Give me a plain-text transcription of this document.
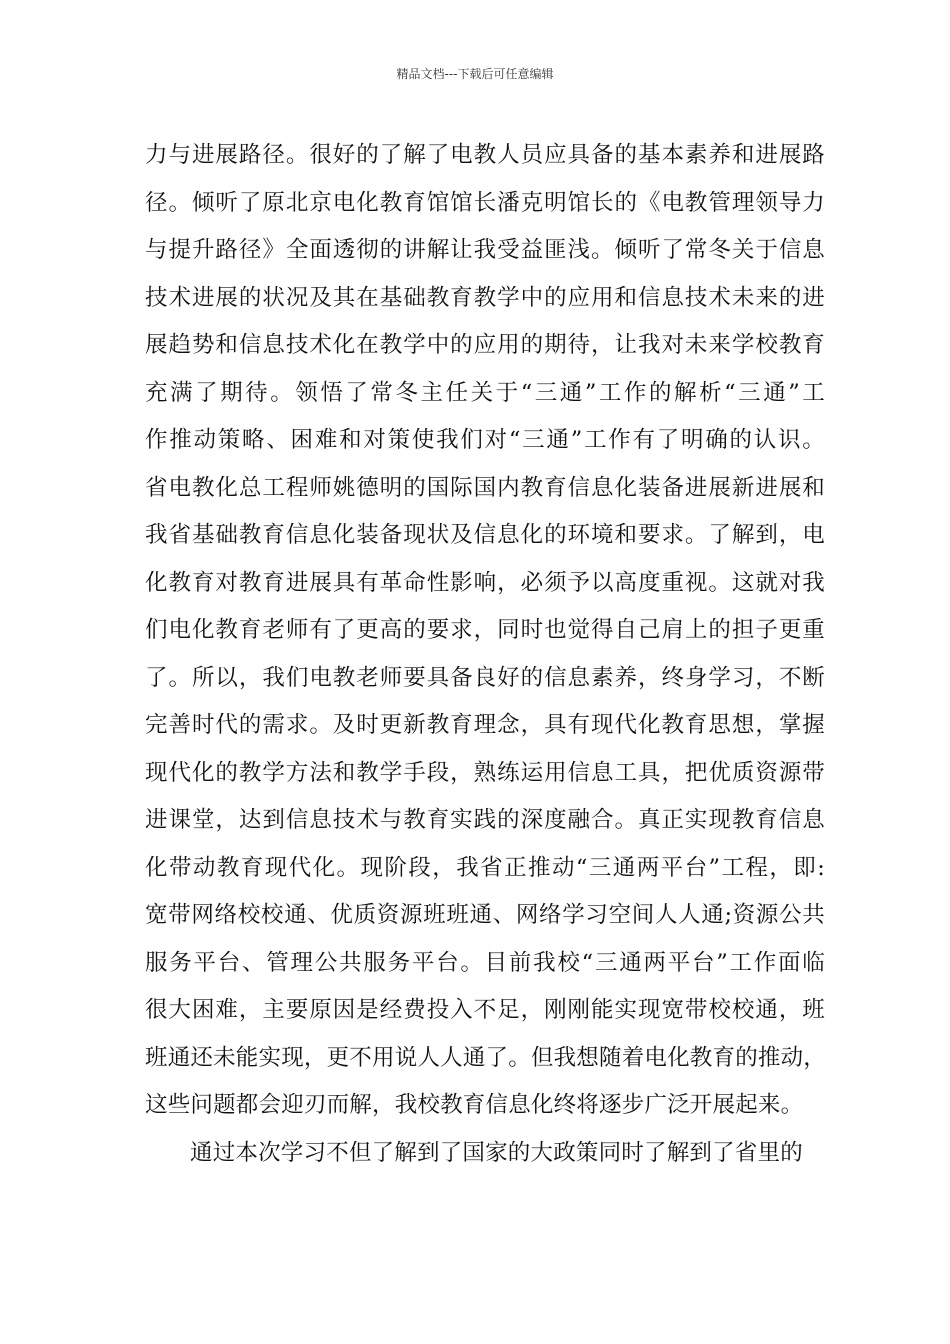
精品文档---下载后可任意编辑
力与进展路径。很好的了解了电教人员应具备的基本素养和进展路
径。倾听了原北京电化教育馆馆长潘克明馆长的《电教管理领导力
与提升路径》全面透彻的讲解让我受益匪浅。倾听了常冬关于信息
技术进展的状况及其在基础教育教学中的应用和信息技术未来的进
展趋势和信息技术化在教学中的应用的期待，让我对未来学校教育
充满了期待。领悟了常冬主任关于“三通”工作的解析“三通”工
作推动策略、困难和对策使我们对“三通”工作有了明确的认识。
省电教化总工程师姚德明的国际国内教育信息化装备进展新进展和
我省基础教育信息化装备现状及信息化的环境和要求。了解到，电
化教育对教育进展具有革命性影响，必须予以高度重视。这就对我
们电化教育老师有了更高的要求，同时也觉得自己肩上的担子更重
了。所以，我们电教老师要具备良好的信息素养，终身学习，不断
完善时代的需求。及时更新教育理念，具有现代化教育思想，掌握
现代化的教学方法和教学手段，熟练运用信息工具，把优质资源带
进课堂，达到信息技术与教育实践的深度融合。真正实现教育信息
化带动教育现代化。现阶段，我省正推动“三通两平台”工程，即:
宽带网络校校通、优质资源班班通、网络学习空间人人通;资源公共
服务平台、管理公共服务平台。目前我校“三通两平台”工作面临
很大困难，主要原因是经费投入不足，刚刚能实现宽带校校通，班
班通还未能实现，更不用说人人通了。但我想随着电化教育的推动，
这些问题都会迎刃而解，我校教育信息化终将逐步广泛开展起来。
通过本次学习不但了解到了国家的大政策同时了解到了省里的
